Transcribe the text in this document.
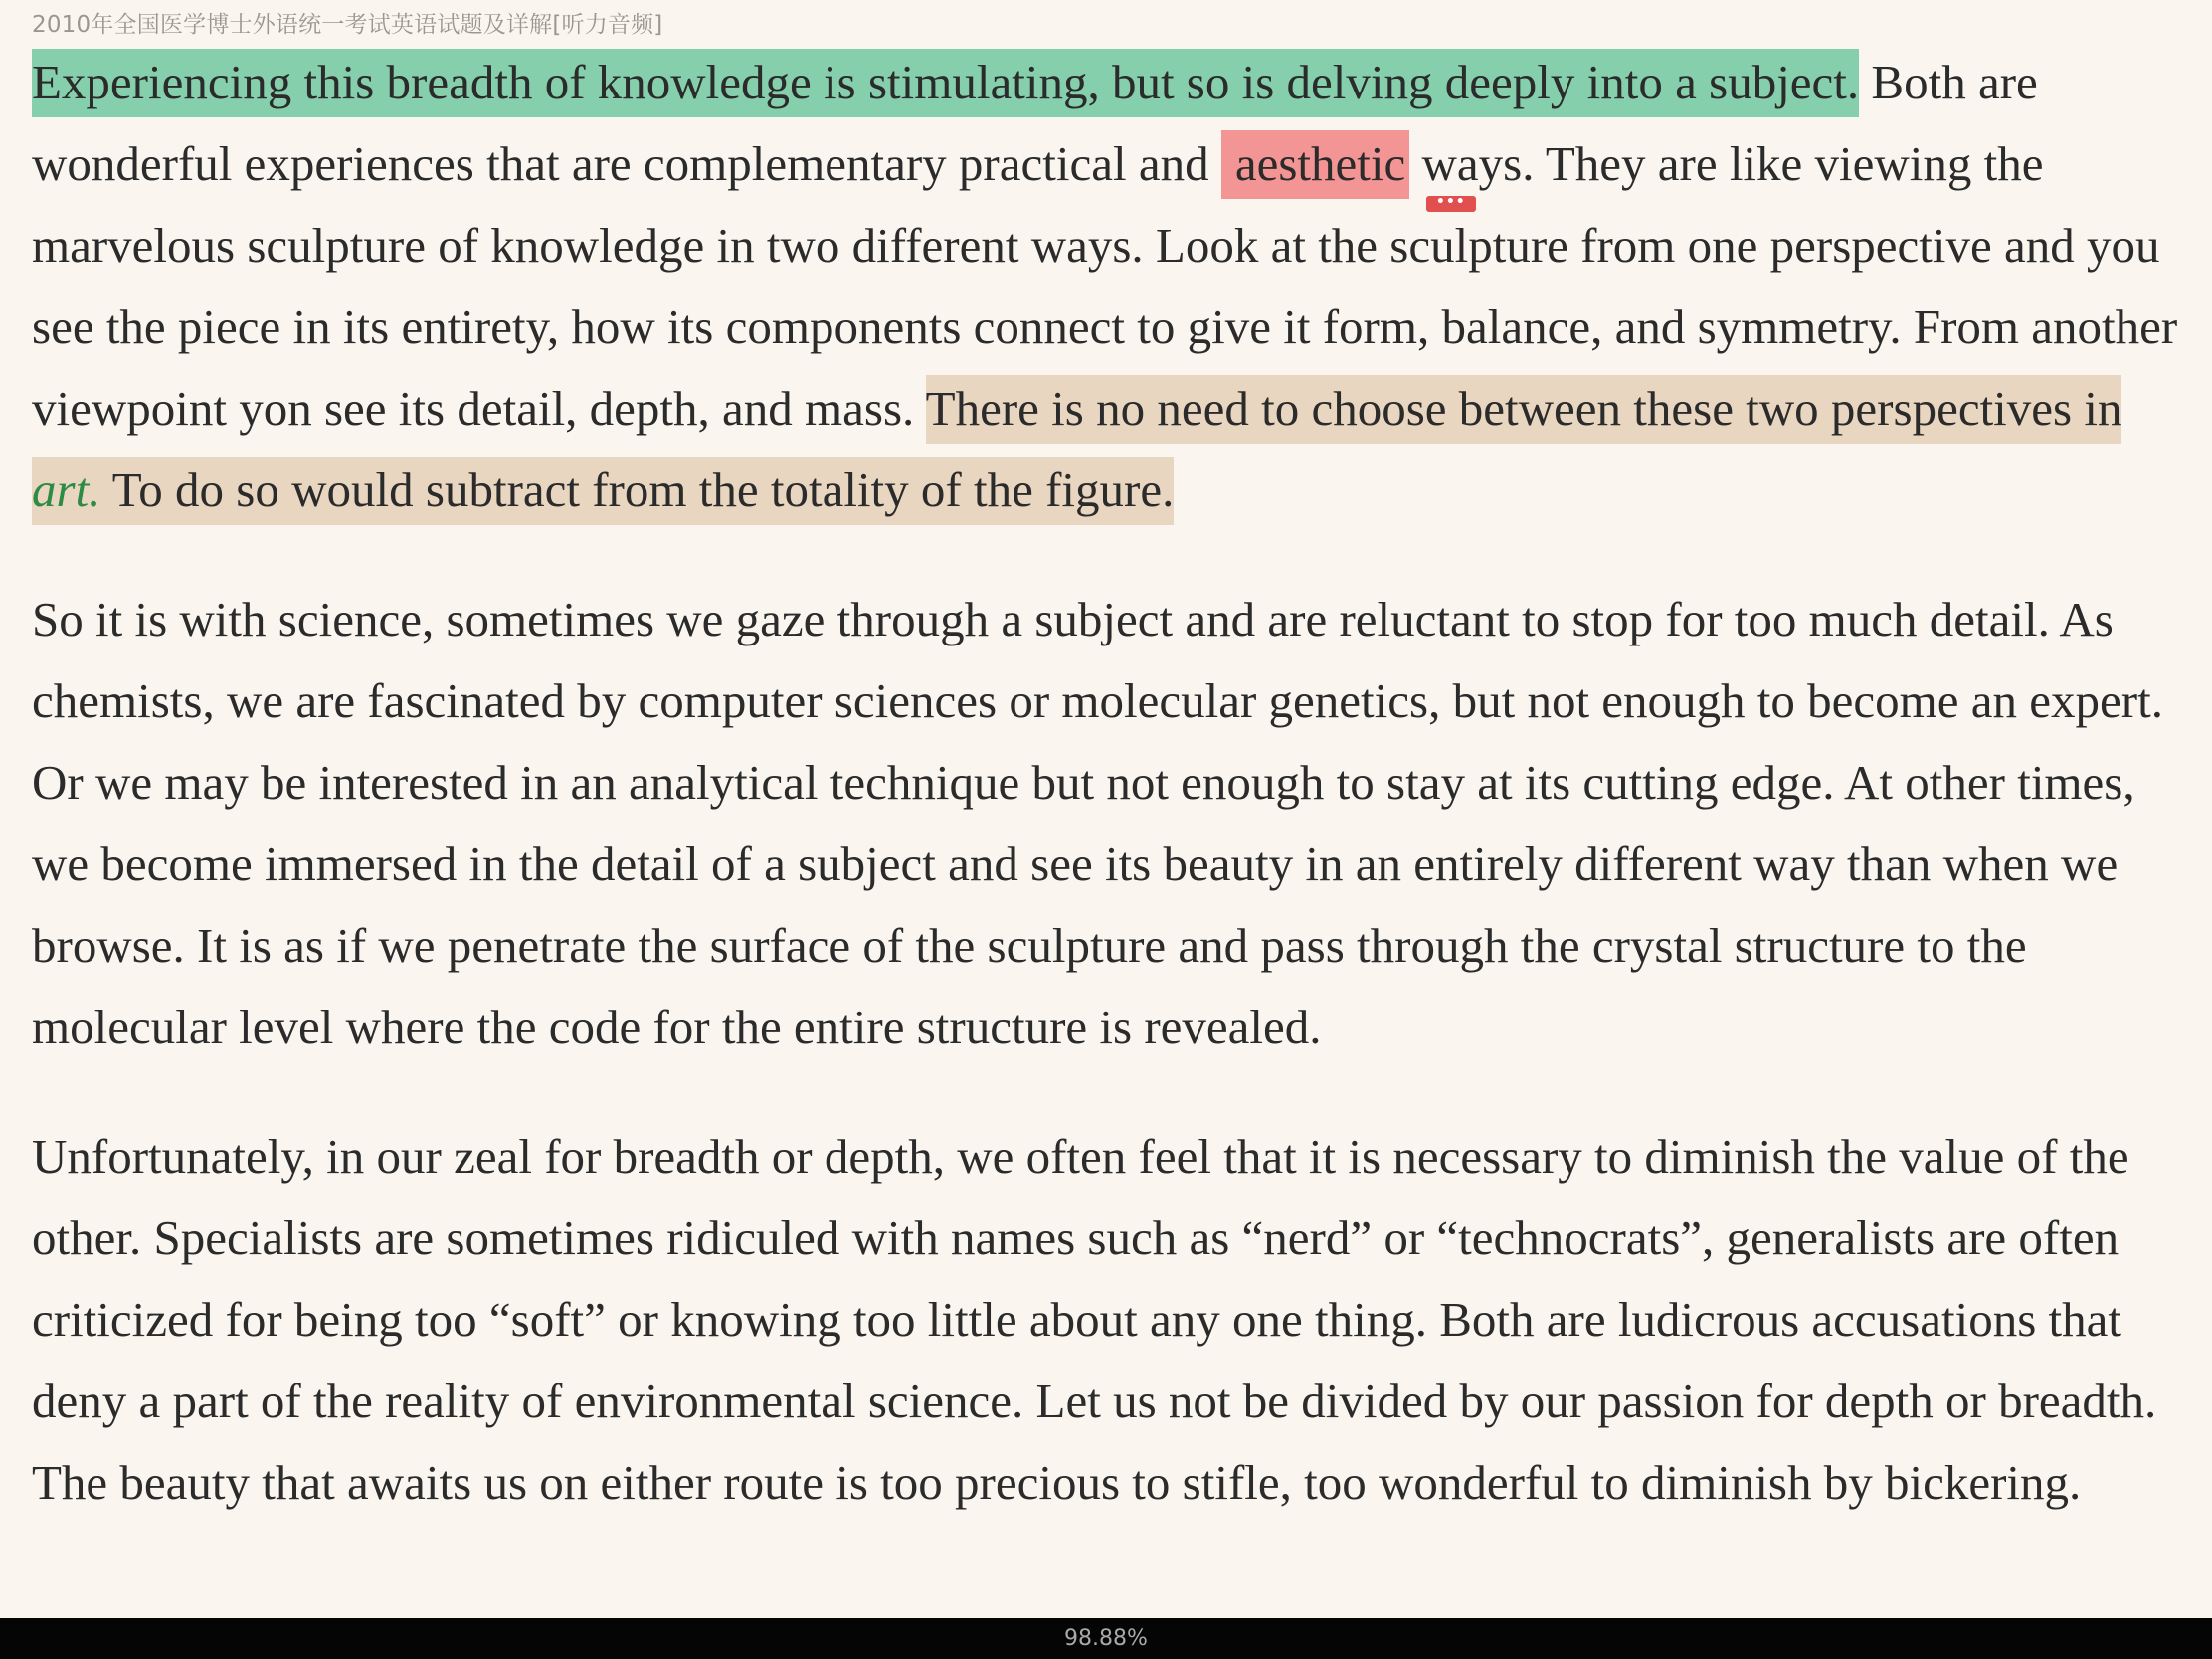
2010年全国医学博士外语统一考试英语试题及详解[听力音频]

Experiencing this breadth of knowledge is stimulating, but so is delving deeply into a subject. Both are wonderful experiences that are complementary practical and aesthetic
•••
ways. They are like viewing the marvelous sculpture of knowledge in two different ways. Look at the sculpture from one perspective and you see the piece in its entirety, how its components connect to give it form, balance, and symmetry. From another viewpoint yon see its detail, depth, and mass. There is no need to choose between these two perspectives in art. To do so would subtract from the totality of the figure.

So it is with science, sometimes we gaze through a subject and are reluctant to stop for too much detail. As chemists, we are fascinated by computer sciences or molecular genetics, but not enough to become an expert. Or we may be interested in an analytical technique but not enough to stay at its cutting edge. At other times, we become immersed in the detail of a subject and see its beauty in an entirely different way than when we browse. It is as if we penetrate the surface of the sculpture and pass through the crystal structure to the molecular level where the code for the entire structure is revealed.

Unfortunately, in our zeal for breadth or depth, we often feel that it is necessary to diminish the value of the other. Specialists are sometimes ridiculed with names such as “nerd” or “technocrats”, generalists are often criticized for being too “soft” or knowing too little about any one thing. Both are ludicrous accusations that deny a part of the reality of environmental science. Let us not be divided by our passion for depth or breadth. The beauty that awaits us on either route is too precious to stifle, too wonderful to diminish by bickering.

98.88%
